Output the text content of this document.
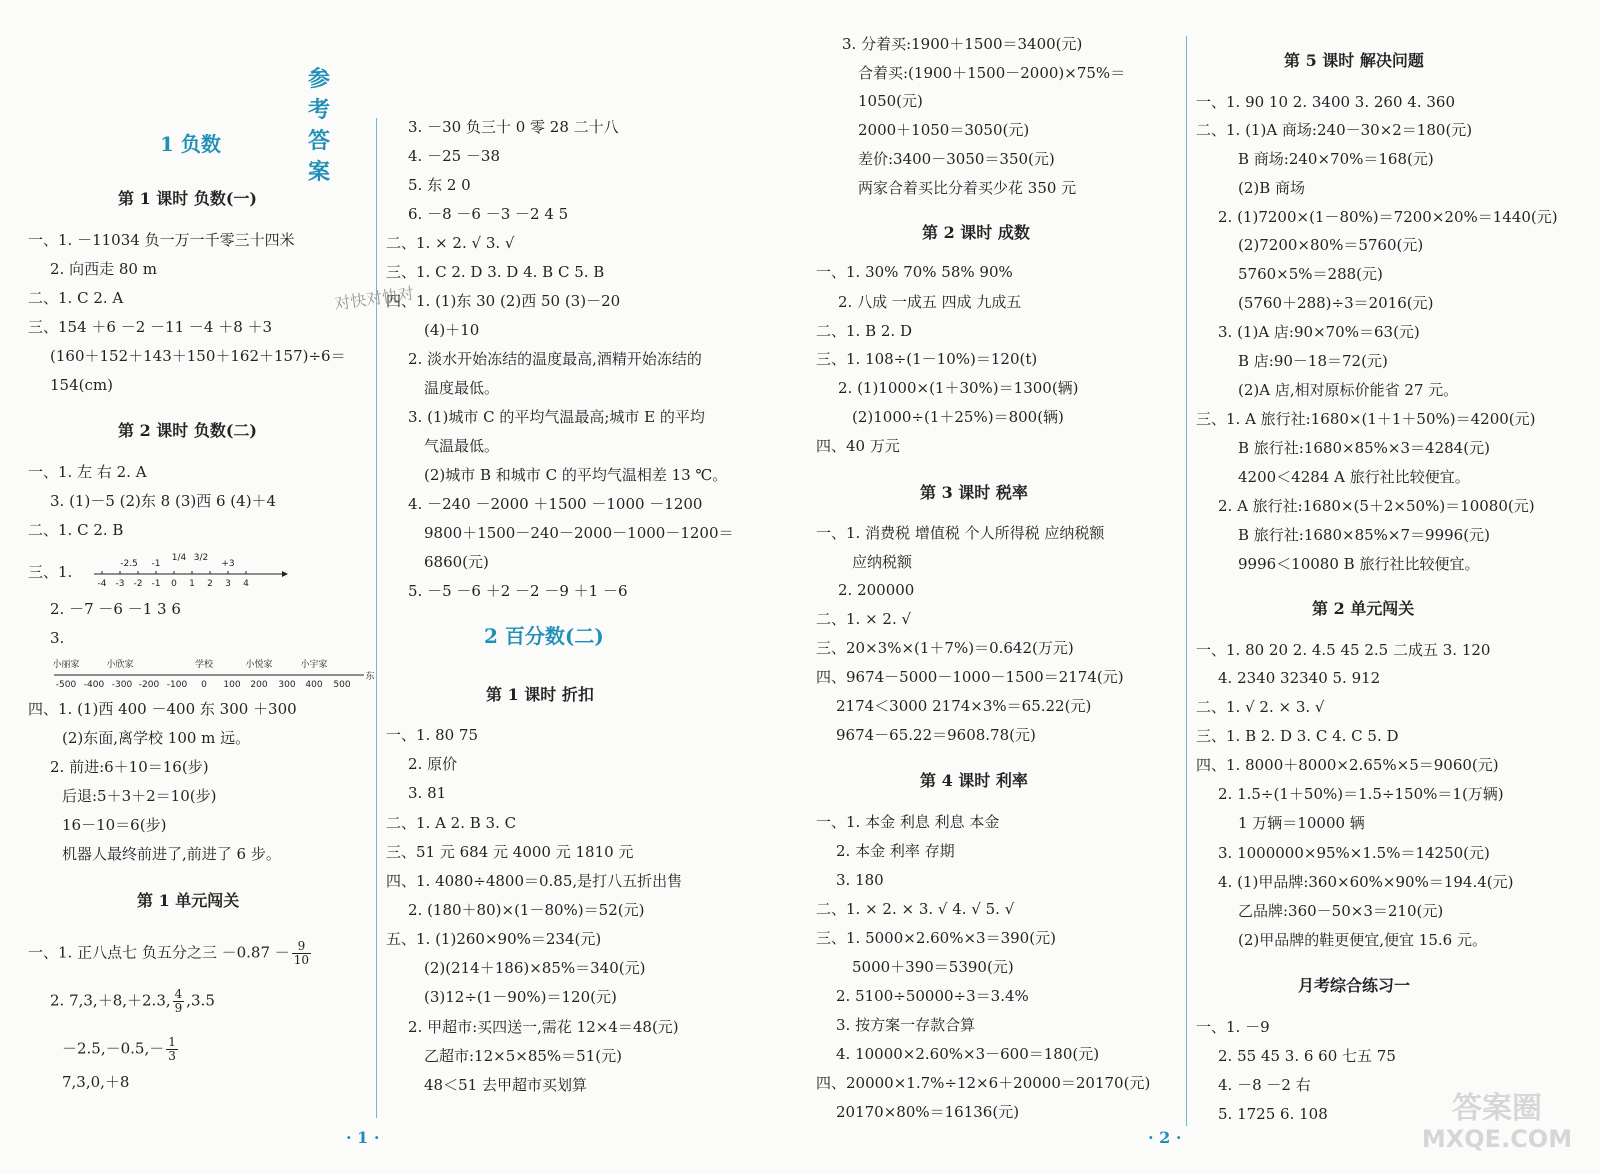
参 考 答 案
1 负数
第 1 课时 负数(一)
一、1. －11034 负一万一千零三十四米
2. 向西走 80 m
二、1. C 2. A
三、154 ＋6 －2 －11 －4 ＋8 ＋3
(160＋152＋143＋150＋162＋157)÷6＝
154(cm)
第 2 课时 负数(二)
一、1. 左 右 2. A
3. (1)－5 (2)东 8 (3)西 6 (4)＋4
二、1. C 2. B
三、1.
-4 -3 -2 -1 0 1 2 3 4
-2.5 -1
1/4 3/2
+3
2. －7 －6 －1 3 6
3.
小丽家	小欣家	学校	小悦家	小宇家
-500 -400 -300 -200 -100 0 100 200 300 400 500
东
四、1. (1)西 400 －400 东 300 ＋300
(2)东面,离学校 100 m 远。
2. 前进:6＋10＝16(步)
后退:5＋3＋2＝10(步)
16－10＝6(步)
机器人最终前进了,前进了 6 步。
第 1 单元闯关
一、1. 正八点七 负五分之三 $-0.87 - \frac{9}{10}$
2. 7,3,＋8,＋2.3, $\frac{4}{9} ,3.5$
$-2.5,-0.5,- \frac{1}{3}$
7,3,0,＋8
3. －30 负三十 0 零 28 二十八
4. －25 －38
5. 东 2 0
6. －8 －6 －3 －2 4 5
二、1. × 2. √ 3. √
三、1. C 2. D 3. D 4. B C 5. B
四、1. (1)东 30 (2)西 50 (3)－20
(4)＋10
2. 淡水开始冻结的温度最高,酒精开始冻结的
温度最低。
3. (1)城市 C 的平均气温最高;城市 E 的平均
气温最低。
(2)城市 B 和城市 C 的平均气温相差 13 ℃。
4. －240 －2000 ＋1500 －1000 －1200
9800＋1500－240－2000－1000－1200＝
6860(元)
5. －5 －6 ＋2 －2 －9 ＋1 －6
2 百分数(二)
第 1 课时 折扣
一、1. 80 75
2. 原价
3. 81
二、1. A 2. B 3. C
三、51 元 684 元 4000 元 1810 元
四、1. 4080÷4800＝0.85,是打八五折出售
2. (180＋80)×(1－80%)＝52(元)
五、1. (1)260×90%＝234(元)
(2)(214＋186)×85%＝340(元)
(3)12÷(1－90%)＝120(元)
2. 甲超市:买四送一,需花 12×4＝48(元)
乙超市:12×5×85%＝51(元)
48＜51 去甲超市买划算
对快对快对
· 1 ·
3. 分着买:1900＋1500＝3400(元)
合着买:(1900＋1500－2000)×75%＝
1050(元)
2000＋1050＝3050(元)
差价:3400－3050＝350(元)
两家合着买比分着买少花 350 元
第 2 课时 成数
一、1. 30% 70% 58% 90%
2. 八成 一成五 四成 九成五
二、1. B 2. D
三、1. 108÷(1－10%)＝120(t)
2. (1)1000×(1＋30%)＝1300(辆)
(2)1000÷(1＋25%)＝800(辆)
四、40 万元
第 3 课时 税率
一、1. 消费税 增值税 个人所得税 应纳税额
应纳税额
2. 200000
二、1. × 2. √
三、20×3%×(1＋7%)＝0.642(万元)
四、9674－5000－1000－1500＝2174(元)
2174＜3000 2174×3%＝65.22(元)
9674－65.22＝9608.78(元)
第 4 课时 利率
一、1. 本金 利息 利息 本金
2. 本金 利率 存期
3. 180
二、1. × 2. × 3. √ 4. √ 5. √
三、1. 5000×2.60%×3＝390(元)
5000＋390＝5390(元)
2. 5100÷50000÷3＝3.4%
3. 按方案一存款合算
4. 10000×2.60%×3－600＝180(元)
四、20000×1.7%÷12×6＋20000＝20170(元)
20170×80%＝16136(元)
第 5 课时 解决问题
一、1. 90 10 2. 3400 3. 260 4. 360
二、1. (1)A 商场:240－30×2＝180(元)
B 商场:240×70%＝168(元)
(2)B 商场
2. (1)7200×(1－80%)＝7200×20%＝1440(元)
(2)7200×80%＝5760(元)
5760×5%＝288(元)
(5760＋288)÷3＝2016(元)
3. (1)A 店:90×70%＝63(元)
B 店:90－18＝72(元)
(2)A 店,相对原标价能省 27 元。
三、1. A 旅行社:1680×(1＋1＋50%)＝4200(元)
B 旅行社:1680×85%×3＝4284(元)
4200＜4284 A 旅行社比较便宜。
2. A 旅行社:1680×(5＋2×50%)＝10080(元)
B 旅行社:1680×85%×7＝9996(元)
9996＜10080 B 旅行社比较便宜。
第 2 单元闯关
一、1. 80 20 2. 4.5 45 2.5 二成五 3. 120
4. 2340 32340 5. 912
二、1. √ 2. × 3. √
三、1. B 2. D 3. C 4. C 5. D
四、1. 8000＋8000×2.65%×5＝9060(元)
2. 1.5÷(1＋50%)＝1.5÷150%＝1(万辆)
1 万辆＝10000 辆
3. 1000000×95%×1.5%＝14250(元)
4. (1)甲品牌:360×60%×90%＝194.4(元)
乙品牌:360－50×3＝210(元)
(2)甲品牌的鞋更便宜,便宜 15.6 元。
月考综合练习一
一、1. －9
2. 55 45 3. 6 60 七五 75
4. －8 －2 右
5. 1725 6. 108
· 2 ·
答案圈
MXQE.COM
